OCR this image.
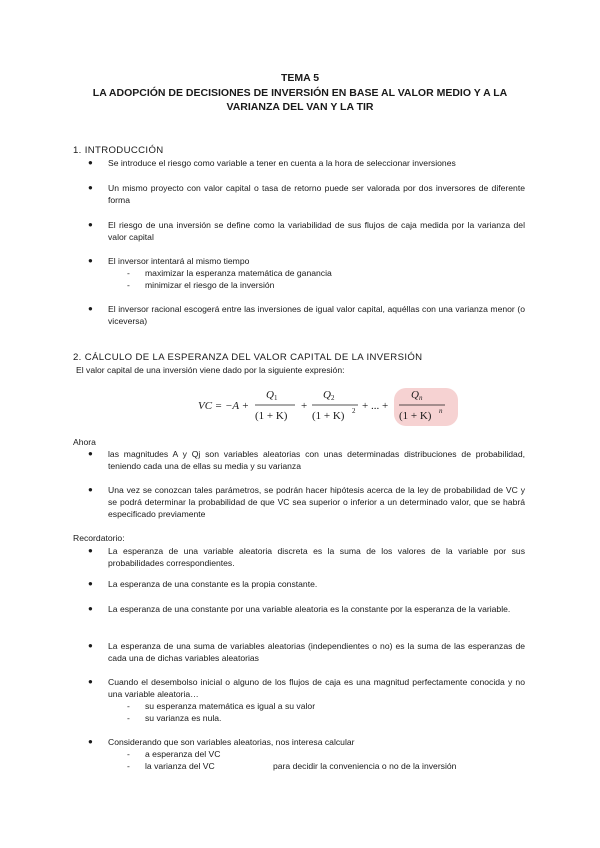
TEMA 5
LA ADOPCIÓN DE DECISIONES DE INVERSIÓN EN BASE AL VALOR MEDIO Y A LA
VARIANZA DEL VAN Y LA TIR
1. INTRODUCCIÓN
● Se introduce el riesgo como variable a tener en cuenta a la hora de seleccionar inversiones
● Un mismo proyecto con valor capital o tasa de retorno puede ser valorada por dos inversores de diferente forma
● El riesgo de una inversión se define como la variabilidad de sus flujos de caja medida por la varianza del valor capital
● El inversor intentará al mismo tiempo
- maximizar la esperanza matemática de ganancia
- minimizar el riesgo de la inversión
● El inversor racional escogerá entre las inversiones de igual valor capital, aquéllas con una varianza menor (o viceversa)
2. CÁLCULO DE LA ESPERANZA DEL VALOR CAPITAL DE LA INVERSIÓN
El valor capital de una inversión viene dado por la siguiente expresión:
VC = −A +
Q 1
(1 + K)
+
Q 2
(1 + K) 2 + ... +
Q n
(1 + K) n
Ahora
● las magnitudes A y Qj son variables aleatorias con unas determinadas distribuciones de probabilidad, teniendo cada una de ellas su media y su varianza
● Una vez se conozcan tales parámetros, se podrán hacer hipótesis acerca de la ley de probabilidad de VC y se podrá determinar la probabilidad de que VC sea superior o inferior a un determinado valor, que se habrá especificado previamente
Recordatorio:
● La esperanza de una variable aleatoria discreta es la suma de los valores de la variable por sus probabilidades correspondientes.
● La esperanza de una constante es la propia constante.
● La esperanza de una constante por una variable aleatoria es la constante por la esperanza de la variable.
● La esperanza de una suma de variables aleatorias (independientes o no) es la suma de las esperanzas de cada una de dichas variables aleatorias
● Cuando el desembolso inicial o alguno de los flujos de caja es una magnitud perfectamente conocida y no una variable aleatoria…
- su esperanza matemática es igual a su valor
- su varianza es nula.
● Considerando que son variables aleatorias, nos interesa calcular
- a esperanza del VC
- la varianza del VC	para decidir la conveniencia o no de la inversión
